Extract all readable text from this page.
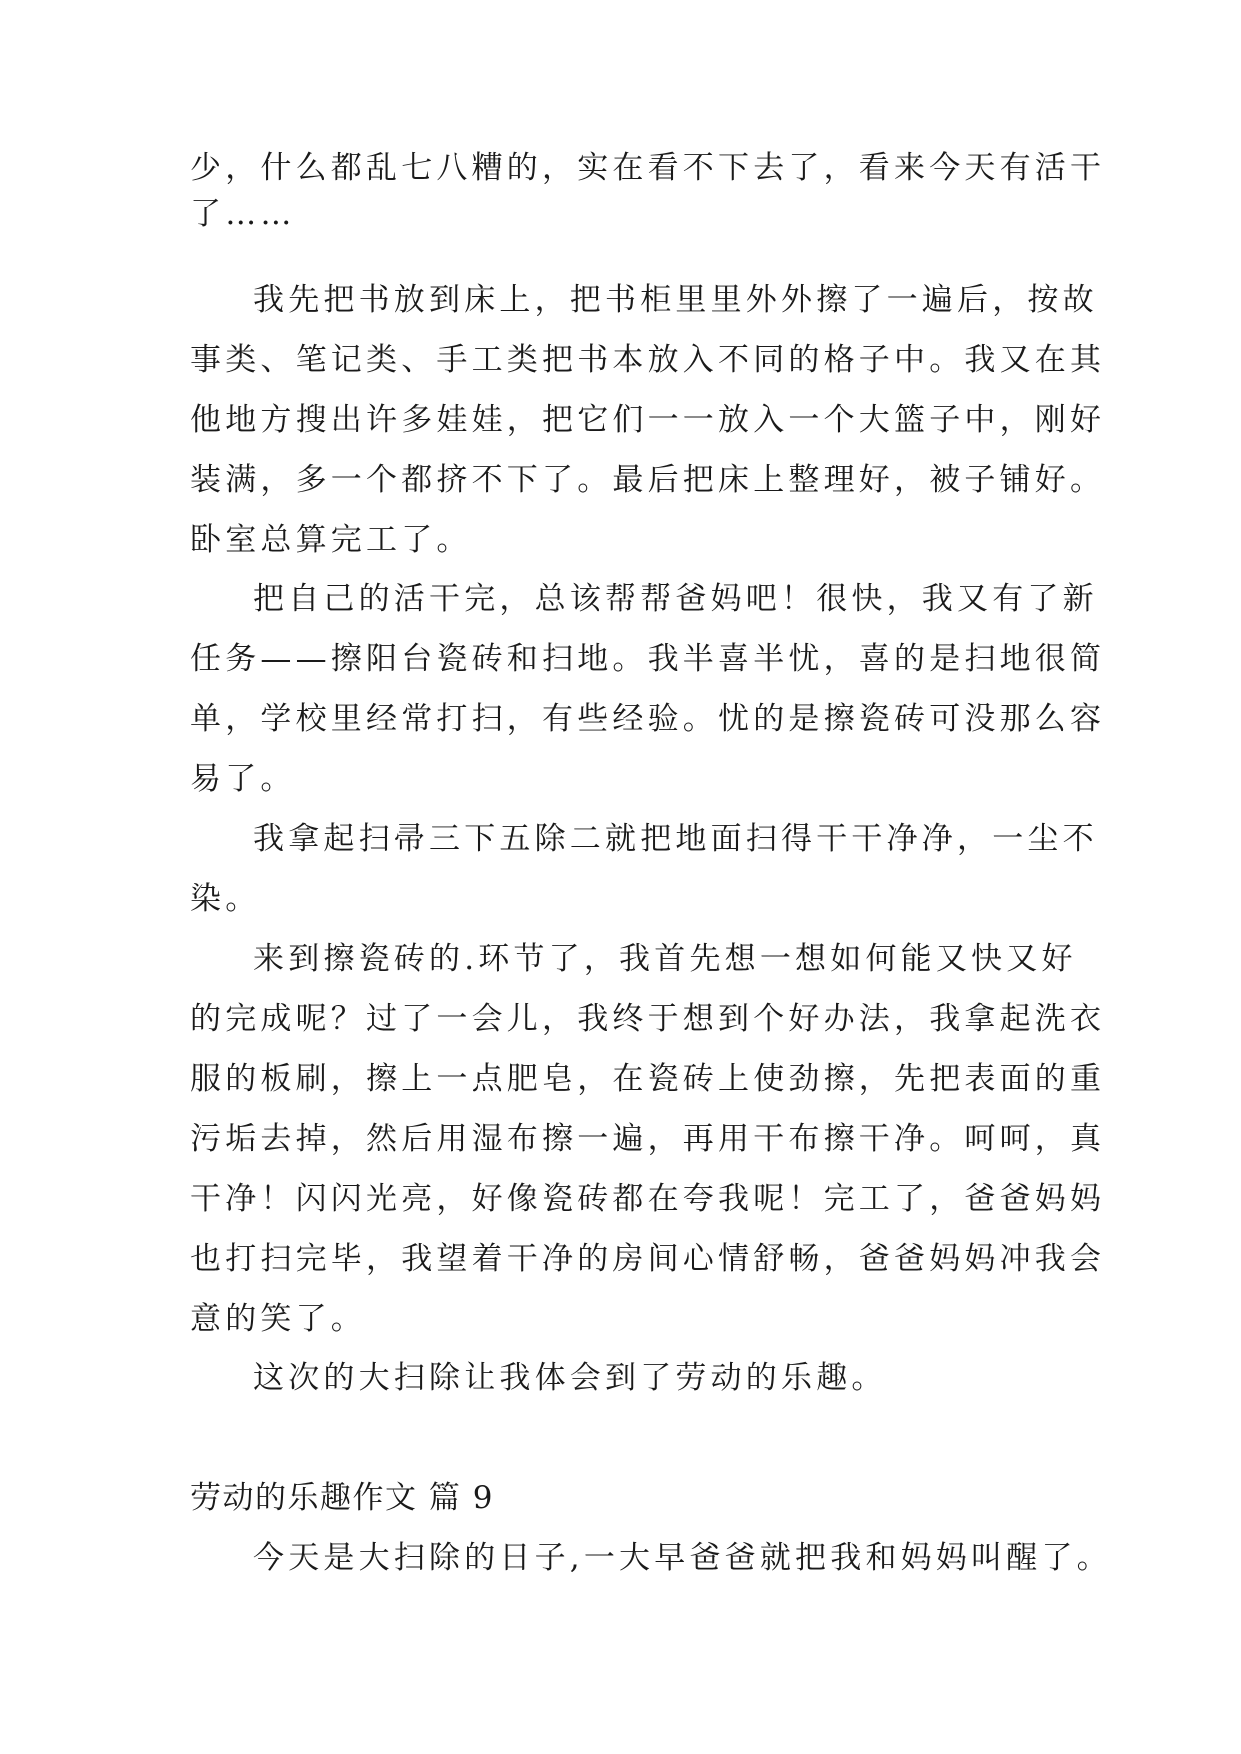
少，什么都乱七八糟的，实在看不下去了，看来今天有活干
了……
我先把书放到床上，把书柜里里外外擦了一遍后，按故
事类、笔记类、手工类把书本放入不同的格子中。我又在其
他地方搜出许多娃娃，把它们一一放入一个大篮子中，刚好
装满，多一个都挤不下了。最后把床上整理好，被子铺好。
卧室总算完工了。
把自己的活干完，总该帮帮爸妈吧！很快，我又有了新
任务——擦阳台瓷砖和扫地。我半喜半忧，喜的是扫地很简
单，学校里经常打扫，有些经验。忧的是擦瓷砖可没那么容
易了。
我拿起扫帚三下五除二就把地面扫得干干净净，一尘不
染。
来到擦瓷砖的.环节了，我首先想一想如何能又快又好
的完成呢？过了一会儿，我终于想到个好办法，我拿起洗衣
服的板刷，擦上一点肥皂，在瓷砖上使劲擦，先把表面的重
污垢去掉，然后用湿布擦一遍，再用干布擦干净。呵呵，真
干净！闪闪光亮，好像瓷砖都在夸我呢！完工了，爸爸妈妈
也打扫完毕，我望着干净的房间心情舒畅，爸爸妈妈冲我会
意的笑了。
这次的大扫除让我体会到了劳动的乐趣。
劳动的乐趣作文 篇 9
今天是大扫除的日子,一大早爸爸就把我和妈妈叫醒了。
